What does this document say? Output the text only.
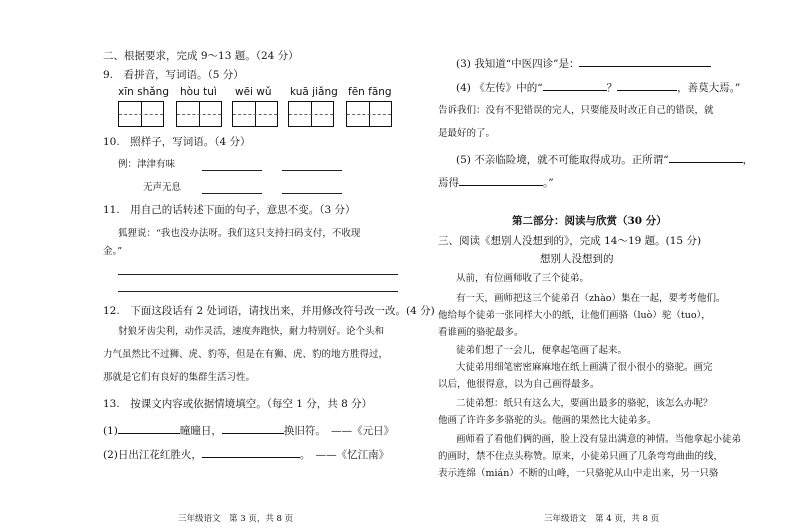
二、根据要求，完成 9～13 题。（24 分）
9.　看拼音，写词语。（5 分）
xīn shǎng hòu tuì wēi wǔ kuā jiǎng fēn fāng
10.　照样子，写词语。（4 分）
例：津津有味
无声无息
11.　用自己的话转述下面的句子，意思不变。（3 分）
狐狸说：“我也没办法呀。我们这只支持扫码支付，不收现
金。”
12.　下面这段话有 2 处词语，请找出来，并用修改符号改一改。(4 分)
豺狼牙齿尖利，动作灵活，速度奔跑快，耐力特别好。论个头和
力气虽然比不过狮、虎、豹等，但是在有狮、虎、豹的地方胜得过，
那就是它们有良好的集群生活习性。
13.　按课文内容或依据情境填空。（每空 1 分，共 8 分）
(1)	曈曈日，	换旧符。　——《元日》
(2)日出江花红胜火，	。　——《忆江南》
三年级语文　第 3 页，共 8 页
(3) 我知道“中医四诊”是：
(4) 《左传》中的“	？	，善莫大焉。”
告诉我们：没有不犯错误的完人，只要能及时改正自己的错误，就
是最好的了。
(5) 不亲临险境，就不可能取得成功。正所谓“	，
焉得	。”
第二部分：阅读与欣赏（30 分）
三、阅读《想别人没想到的》，完成 14～19 题。(15 分)
想别人没想到的
从前，有位画师收了三个徒弟。
有一天，画师把这三个徒弟召（zhào）集在一起，要考考他们。
他给每个徒弟一张同样大小的纸，让他们画骆（luò）驼（tuo），
看谁画的骆驼最多。
徒弟们想了一会儿，便拿起笔画了起来。
大徒弟用细笔密密麻麻地在纸上画满了很小很小的骆驼。画完
以后，他很得意，以为自己画得最多。
二徒弟想：纸只有这么大，要画出最多的骆驼，该怎么办呢？
他画了许许多多骆驼的头。他画的果然比大徒弟多。
画师看了看他们俩的画，脸上没有显出满意的神情。当他拿起小徒弟
的画时，禁不住点头称赞。原来，小徒弟只画了几条弯弯曲曲的线，
表示连绵（mián）不断的山峰，一只骆驼从山中走出来，另一只骆
三年级语文　第 4 页，共 8 页
